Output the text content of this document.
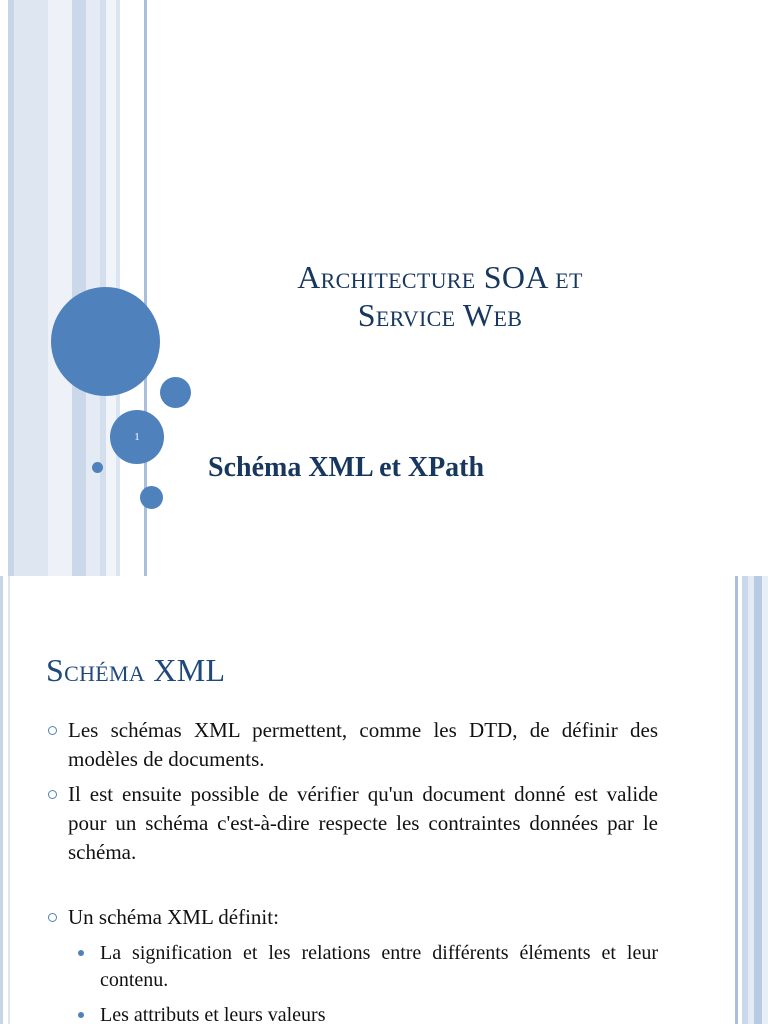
1
Architecture SOA et
Service Web
Schéma XML et XPath
Schéma XML
Les schémas XML permettent, comme les DTD, de définir des modèles de documents.
Il est ensuite possible de vérifier qu'un document donné est valide pour un schéma c'est-à-dire respecte les contraintes données par le schéma.
Un schéma XML définit:
La signification et les relations entre différents éléments et leur contenu.
Les attributs et leurs valeurs
